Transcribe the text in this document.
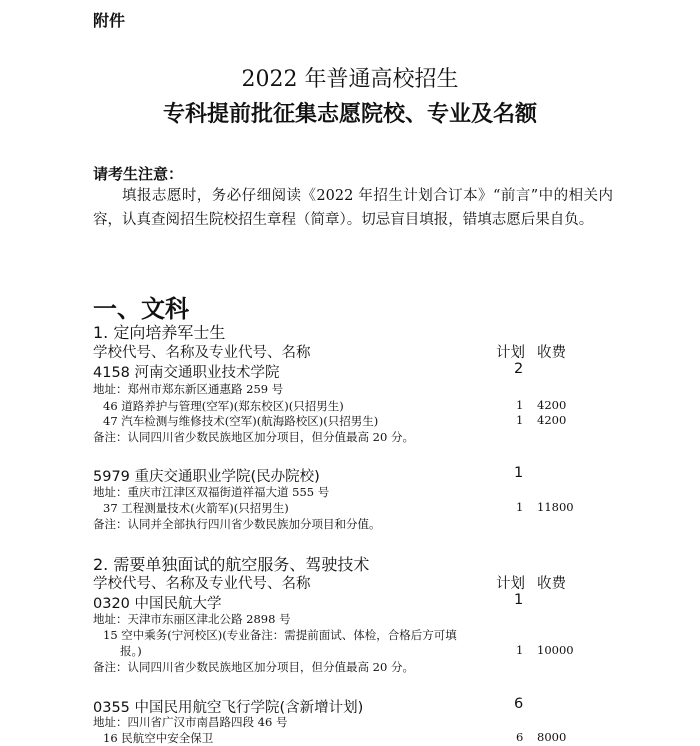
附件
2022 年普通高校招生
专科提前批征集志愿院校、专业及名额
请考生注意：
填报志愿时，务必仔细阅读《2022 年招生计划合订本》“前言”中的相关内容，认真查阅招生院校招生章程（简章）。切忌盲目填报，错填志愿后果自负。
一、文科
1. 定向培养军士生
学校代号、名称及专业代号、名称	计划 收费
4158 河南交通职业技术学院	2
地址：郑州市郑东新区通惠路 259 号
46 道路养护与管理(空军)(郑东校区)(只招男生)	1 4200
47 汽车检测与维修技术(空军)(航海路校区)(只招男生)	1 4200
备注：认同四川省少数民族地区加分项目，但分值最高 20 分。
5979 重庆交通职业学院(民办院校)	1
地址：重庆市江津区双福街道祥福大道 555 号
37 工程测量技术(火箭军)(只招男生)	1 11800
备注：认同并全部执行四川省少数民族加分项目和分值。
2. 需要单独面试的航空服务、驾驶技术
学校代号、名称及专业代号、名称	计划 收费
0320 中国民航大学	1
地址：天津市东丽区津北公路 2898 号
15 空中乘务(宁河校区)(专业备注：需提前面试、体检，合格后方可填
报。)	1 10000
备注：认同四川省少数民族地区加分项目，但分值最高 20 分。
0355 中国民用航空飞行学院(含新增计划)	6
地址：四川省广汉市南昌路四段 46 号
16 民航空中安全保卫	6 8000
